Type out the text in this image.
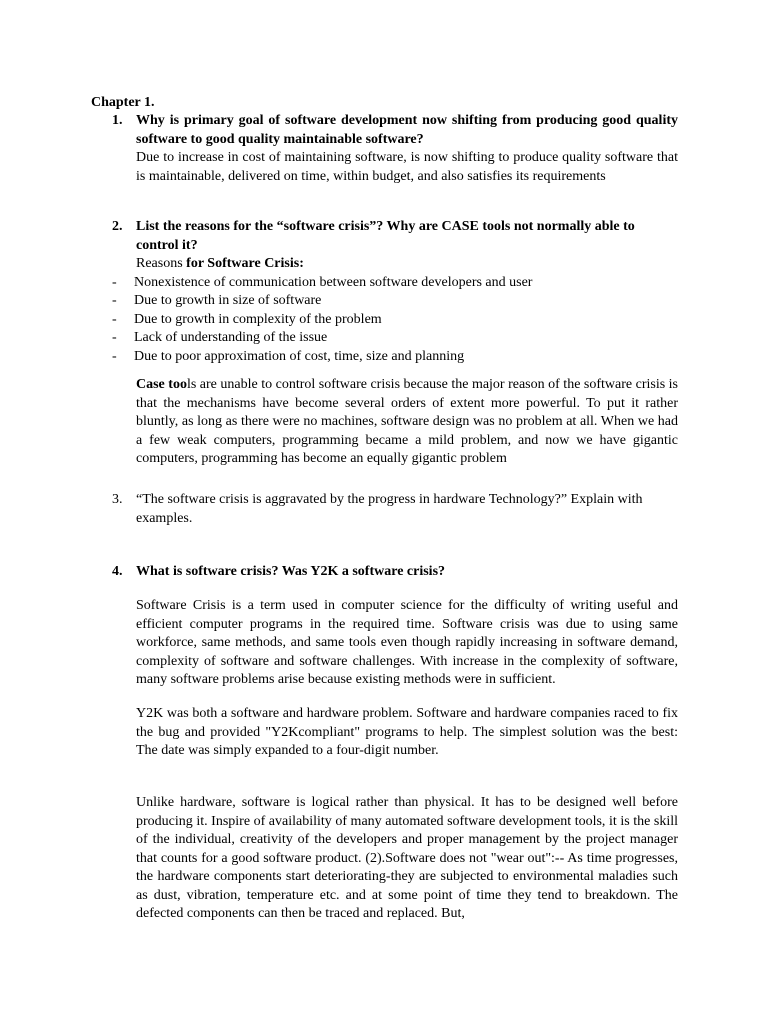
Chapter 1.
1. Why is primary goal of software development now shifting from producing good quality software to good quality maintainable software?
Due to increase in cost of maintaining software, is now shifting to produce quality software that is maintainable, delivered on time, within budget, and also satisfies its requirements
2. List the reasons for the “software crisis”? Why are CASE tools not normally able to control it?
Reasons for Software Crisis:
- Nonexistence of communication between software developers and user
- Due to growth in size of software
- Due to growth in complexity of the problem
- Lack of understanding of the issue
- Due to poor approximation of cost, time, size and planning
Case tools are unable to control software crisis because the major reason of the software crisis is that the mechanisms have become several orders of extent more powerful. To put it rather bluntly, as long as there were no machines, software design was no problem at all. When we had a few weak computers, programming became a mild problem, and now we have gigantic computers, programming has become an equally gigantic problem
3. “The software crisis is aggravated by the progress in hardware Technology?” Explain with examples.
4. What is software crisis? Was Y2K a software crisis?
Software Crisis is a term used in computer science for the difficulty of writing useful and efficient computer programs in the required time. Software crisis was due to using same workforce, same methods, and same tools even though rapidly increasing in software demand, complexity of software and software challenges. With increase in the complexity of software, many software problems arise because existing methods were in sufficient.
Y2K was both a software and hardware problem. Software and hardware companies raced to fix the bug and provided "Y2Kcompliant" programs to help. The simplest solution was the best: The date was simply expanded to a four-digit number.
Unlike hardware, software is logical rather than physical. It has to be designed well before producing it. Inspire of availability of many automated software development tools, it is the skill of the individual, creativity of the developers and proper management by the project manager that counts for a good software product. (2).Software does not "wear out":-- As time progresses, the hardware components start deteriorating-they are subjected to environmental maladies such as dust, vibration, temperature etc. and at some point of time they tend to breakdown. The defected components can then be traced and replaced. But,
